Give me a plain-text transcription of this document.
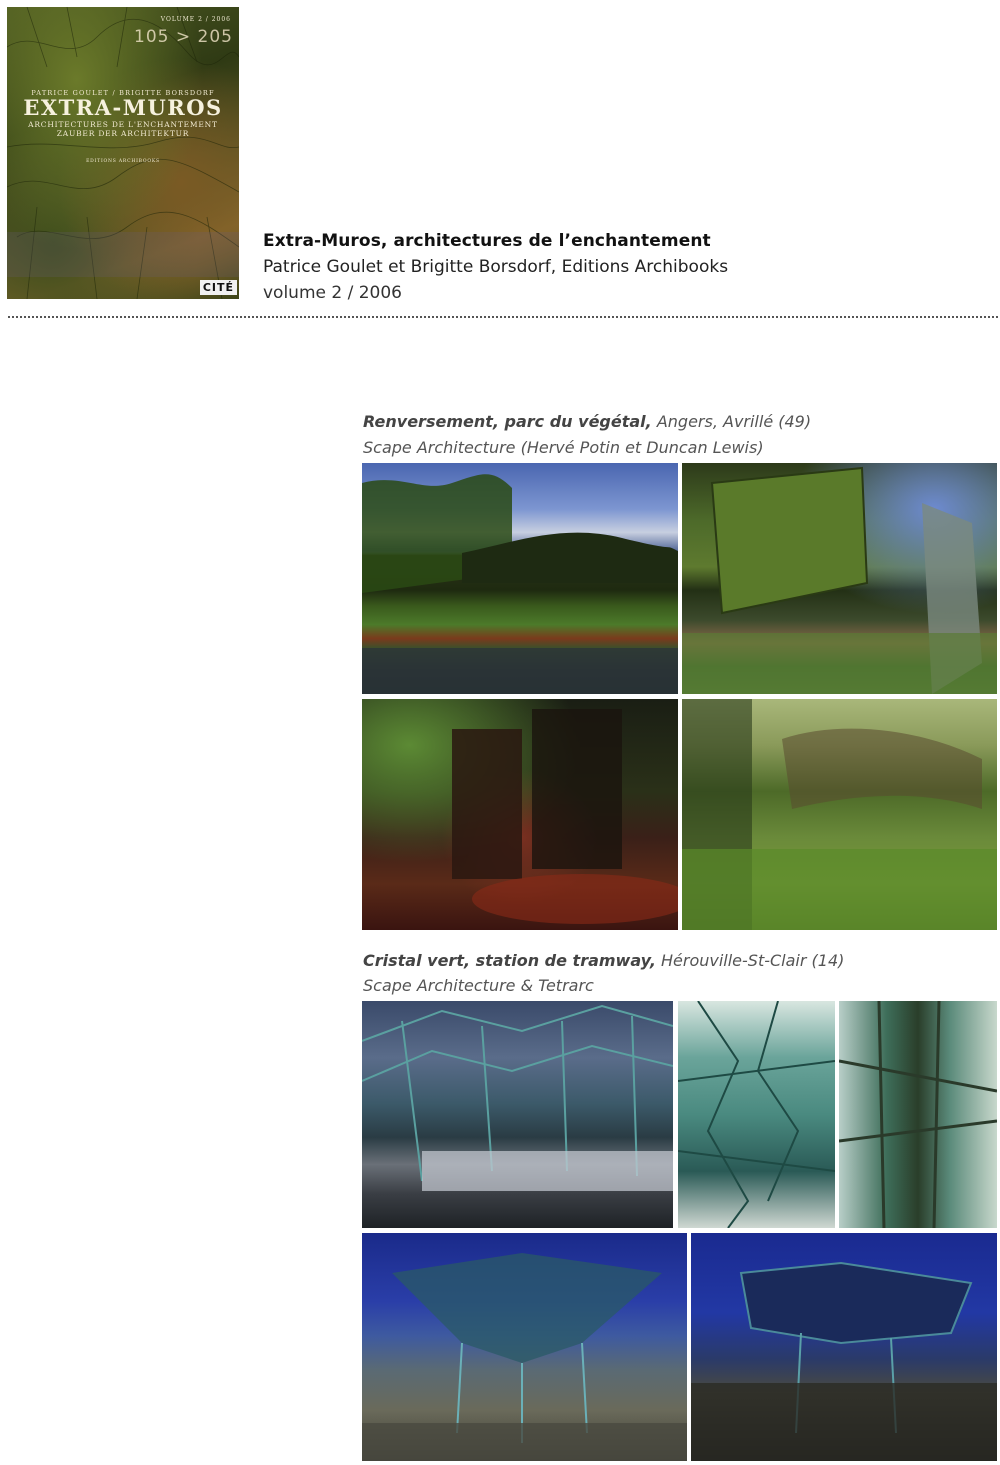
VOLUME 2 / 2006
105 > 205
PATRICE GOULET / BRIGITTE BORSDORF
EXTRA-MUROS
ARCHITECTURES DE L'ENCHANTEMENT
ZAUBER DER ARCHITEKTUR
EDITIONS ARCHIBOOKS
CITÉ
Extra-Muros, architectures de l’enchantement
Patrice Goulet et Brigitte Borsdorf, Editions Archibooks
volume 2 / 2006
Renversement, parc du végétal, Angers, Avrillé (49)
Scape Architecture (Hervé Potin et Duncan Lewis)
Cristal vert, station de tramway, Hérouville-St-Clair (14)
Scape Architecture & Tetrarc
